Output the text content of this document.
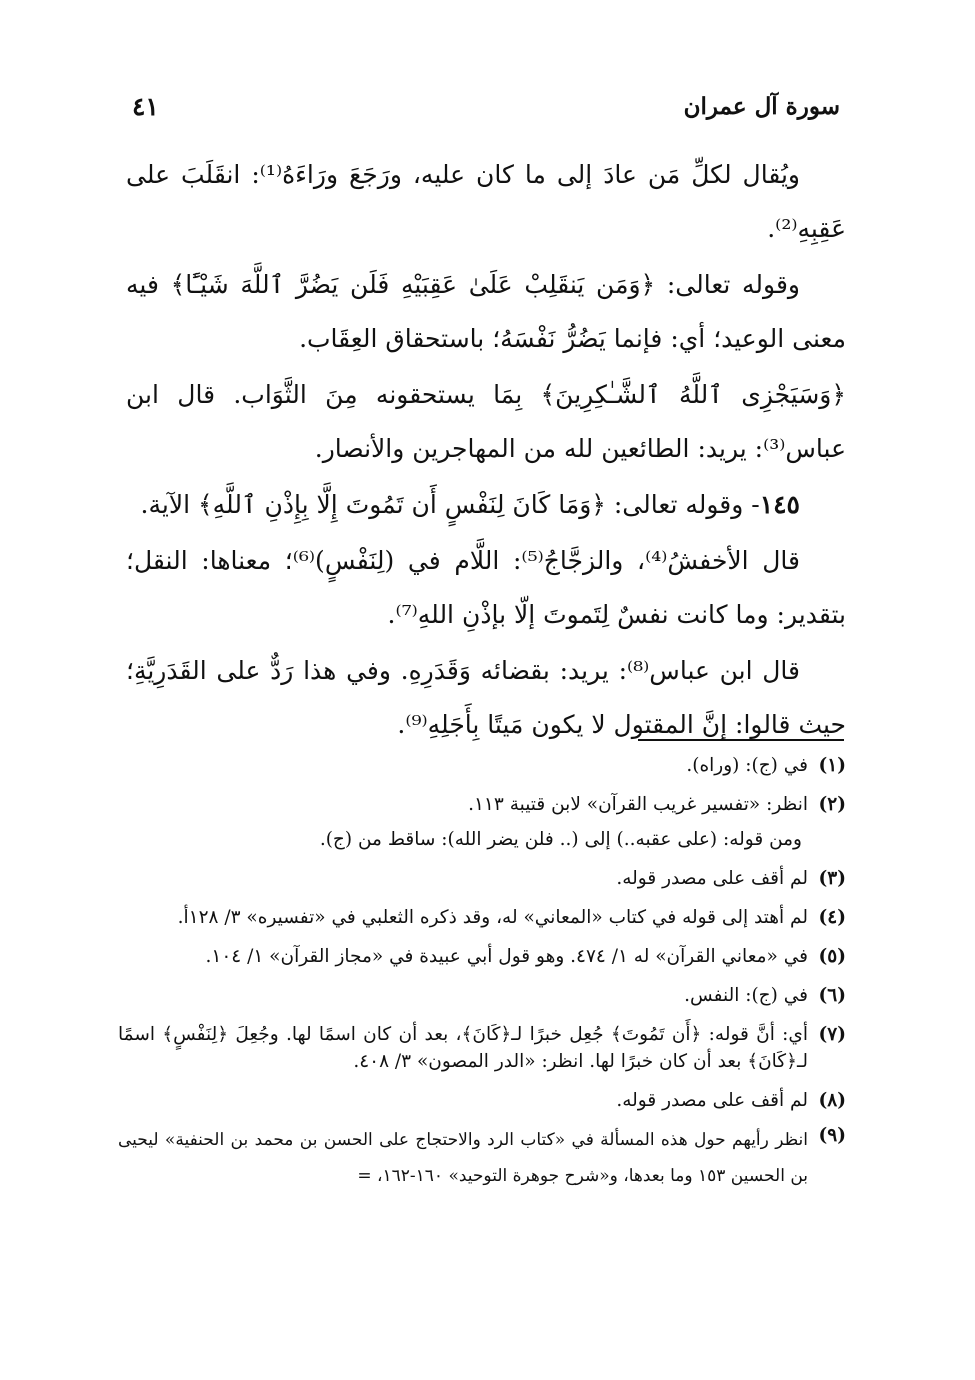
سورة آل عمران
٤١

ويُقال لكلِّ مَن عادَ إلى ما كان عليه، ورَجَعَ ورَاءَهُ⁽¹⁾: انقَلَبَ على عَقِبِهِ⁽²⁾.

وقوله تعالى: ﴿وَمَن يَنقَلِبْ عَلَىٰ عَقِبَيْهِ فَلَن يَضُرَّ ٱللَّهَ شَيْـًٔا﴾ فيه معنى الوعيد؛ أي: فإنما يَضُرُّ نَفْسَهُ؛ باستحقاق العِقَاب.

﴿وَسَيَجْزِى ٱللَّهُ ٱلشَّـٰكِرِينَ﴾ بِمَا يستحقونه مِنَ الثَّوَاب. قال ابن عباس⁽³⁾: يريد: الطائعين لله من المهاجرين والأنصار.

١٤٥- وقوله تعالى: ﴿وَمَا كَانَ لِنَفْسٍ أَن تَمُوتَ إِلَّا بِإِذْنِ ٱللَّهِ﴾ الآية.

قال الأخفشُ⁽⁴⁾، والزجَّاجُ⁽⁵⁾: اللَّام في (لِنَفْسٍ)⁽⁶⁾؛ معناها: النقل؛ بتقدير: وما كانت نفسٌ لِتَموتَ إلّا بإذْنِ اللهِ⁽⁷⁾.

قال ابن عباس⁽⁸⁾: يريد: بقضائه وَقَدَرِهِ. وفي هذا رَدٌّ على القَدَرِيَّةِ؛ حيث قالوا: إنَّ المقتول لا يكون مَيتًا بِأَجَلِهِ⁽⁹⁾.

(١)
في (ج): (وراه).
(٢)
انظر: «تفسير غريب القرآن» لابن قتيبة ١١٣.
ومن قوله: (على عقبه..) إلى (.. فلن يضر الله): ساقط من (ج).
(٣)
لم أقف على مصدر قوله.
(٤)
لم أهتد إلى قوله في كتاب «المعاني» له، وقد ذكره الثعلبي في «تفسيره» ٣/ ١٢٨أ.
(٥)
في «معاني القرآن» له ١/ ٤٧٤. وهو قول أبي عبيدة في «مجاز القرآن» ١/ ١٠٤.
(٦)
في (ج): النفس.
(٧)
أي: أنَّ قوله: ﴿أَن تَمُوتَ﴾ جُعِل خبرًا لـ﴿كَانَ﴾، بعد أن كان اسمًا لها. وجُعِلَ ﴿لِنَفْسٍ﴾ اسمًا لـ﴿كَانَ﴾ بعد أن كان خبرًا لها. انظر: «الدر المصون» ٣/ ٤٠٨.
(٨)
لم أقف على مصدر قوله.
(٩)
انظر رأيهم حول هذه المسألة في «كتاب الرد والاحتجاج على الحسن بن محمد بن الحنفية» ليحيى بن الحسين ١٥٣ وما بعدها، و«شرح جوهرة التوحيد» ١٦٠-١٦٢، =
